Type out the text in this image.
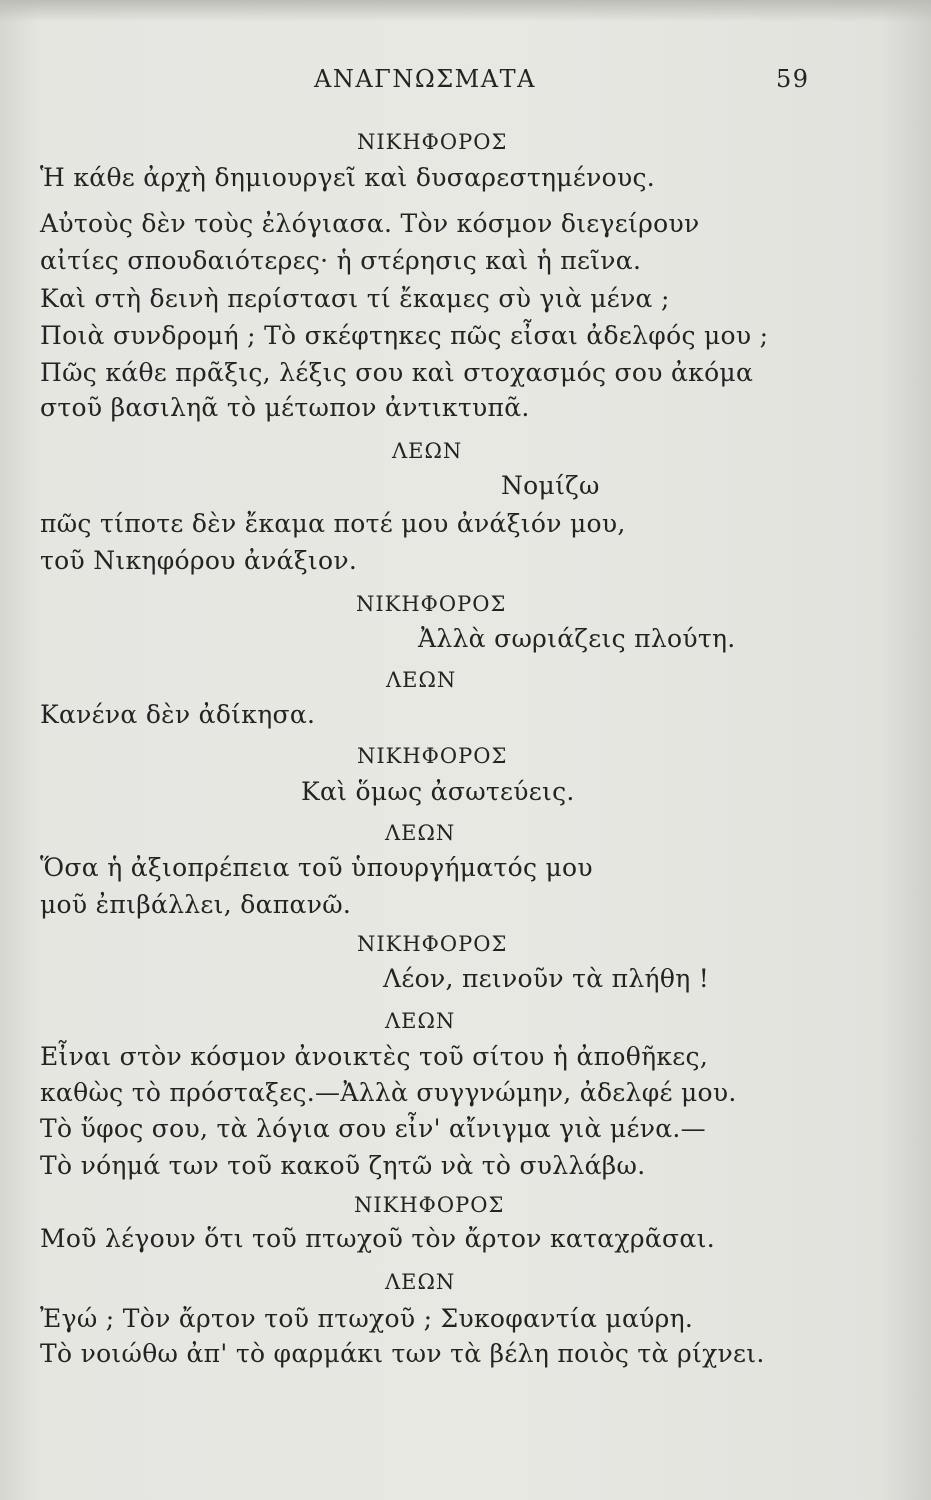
ΑΝΑΓΝΩΣΜΑΤΑ	59
ΝΙΚΗΦΟΡΟΣ
Ἡ κάθε ἀρχὴ δημιουργεῖ καὶ δυσαρεστημένους.
Αὐτοὺς δὲν τοὺς ἐλόγιασα. Τὸν κόσμον διεγείρουν
αἰτίες σπουδαιότερες· ἡ στέρησις καὶ ἡ πεῖνα.
Καὶ στὴ δεινὴ περίστασι τί ἔκαμες σὺ γιὰ μένα ;
Ποιὰ συνδρομή ; Τὸ σκέφτηκες πῶς εἶσαι ἀδελφός μου ;
Πῶς κάθε πρᾶξις, λέξις σου καὶ στοχασμός σου ἀκόμα
στοῦ βασιληᾶ τὸ μέτωπον ἀντικτυπᾶ.
ΛΕΩΝ
Νομίζω
πῶς τίποτε δὲν ἔκαμα ποτέ μου ἀνάξιόν μου,
τοῦ Νικηφόρου ἀνάξιον.
ΝΙΚΗΦΟΡΟΣ
Ἀλλὰ σωριάζεις πλούτη.
ΛΕΩΝ
Κανένα δὲν ἀδίκησα.
ΝΙΚΗΦΟΡΟΣ
Καὶ ὅμως ἀσωτεύεις.
ΛΕΩΝ
Ὅσα ἡ ἀξιοπρέπεια τοῦ ὑπουργήματός μου
μοῦ ἐπιβάλλει, δαπανῶ.
ΝΙΚΗΦΟΡΟΣ
Λέον, πεινοῦν τὰ πλήθη !
ΛΕΩΝ
Εἶναι στὸν κόσμον ἀνοικτὲς τοῦ σίτου ἡ ἀποθῆκες,
καθὼς τὸ πρόσταξες.—Ἀλλὰ συγγνώμην, ἀδελφέ μου.
Τὸ ὕφος σου, τὰ λόγια σου εἶν' αἴνιγμα γιὰ μένα.—
Τὸ νόημά των τοῦ κακοῦ ζητῶ νὰ τὸ συλλάβω.
ΝΙΚΗΦΟΡΟΣ
Μοῦ λέγουν ὅτι τοῦ πτωχοῦ τὸν ἄρτον καταχρᾶσαι.
ΛΕΩΝ
Ἐγώ ; Τὸν ἄρτον τοῦ πτωχοῦ ; Συκοφαντία μαύρη.
Τὸ νοιώθω ἀπ' τὸ φαρμάκι των τὰ βέλη ποιὸς τὰ ρίχνει.
